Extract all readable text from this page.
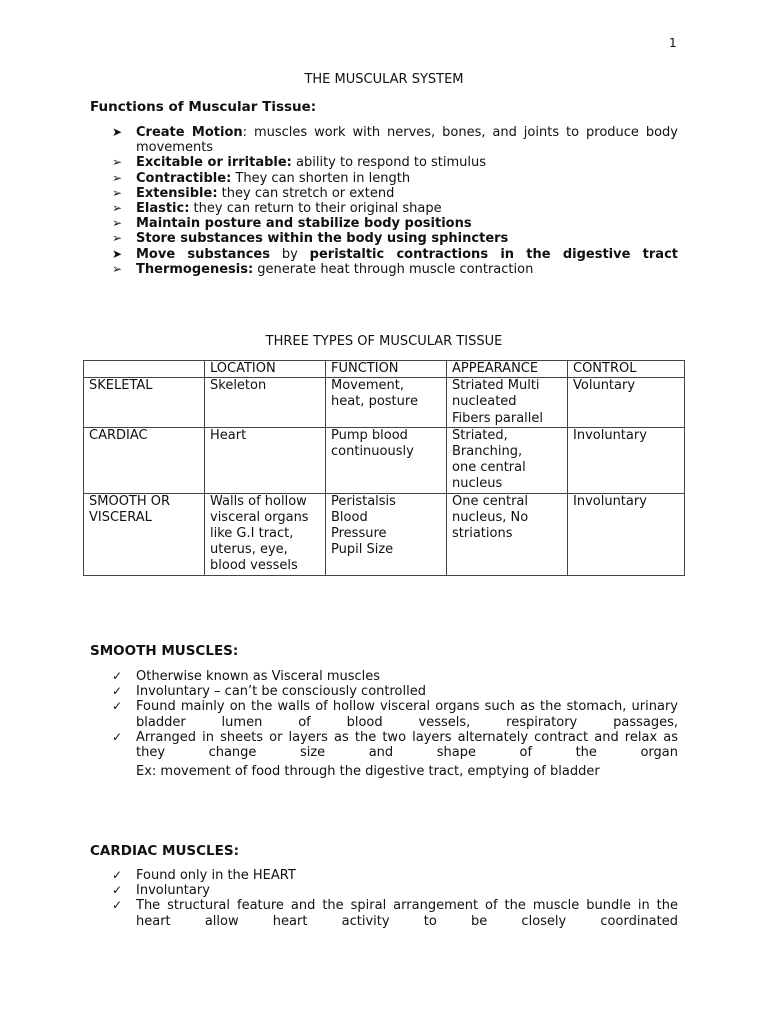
1
THE MUSCULAR SYSTEM
Functions of Muscular Tissue:
➤ Create Motion: muscles work with nerves, bones, and joints to produce body movements
➢ Excitable or irritable: ability to respond to stimulus
➢ Contractible: They can shorten in length
➢ Extensible: they can stretch or extend
➢ Elastic: they can return to their original shape
➢ Maintain posture and stabilize body positions
➢ Store substances within the body using sphincters
➤ Move substances by peristaltic contractions in the digestive tract
➢ Thermogenesis: generate heat through muscle contraction
THREE TYPES OF MUSCULAR TISSUE
	LOCATION	FUNCTION	APPEARANCE	CONTROL
SKELETAL	Skeleton	Movement, heat, posture	Striated Multi nucleated Fibers parallel	Voluntary
CARDIAC	Heart	Pump blood continuously	Striated, Branching, one central nucleus	Involuntary
SMOOTH OR VISCERAL	Walls of hollow visceral organs like G.I tract, uterus, eye, blood vessels	Peristalsis Blood Pressure Pupil Size	One central nucleus, No striations	Involuntary
SMOOTH MUSCLES:
✓ Otherwise known as Visceral muscles
✓ Involuntary – can’t be consciously controlled
✓ Found mainly on the walls of hollow visceral organs such as the stomach, urinary bladder lumen of blood vessels, respiratory passages,
✓ Arranged in sheets or layers as the two layers alternately contract and relax as they change size and shape of the organ
Ex: movement of food through the digestive tract, emptying of bladder
CARDIAC MUSCLES:
✓ Found only in the HEART
✓ Involuntary
✓ The structural feature and the spiral arrangement of the muscle bundle in the heart allow heart activity to be closely coordinated
